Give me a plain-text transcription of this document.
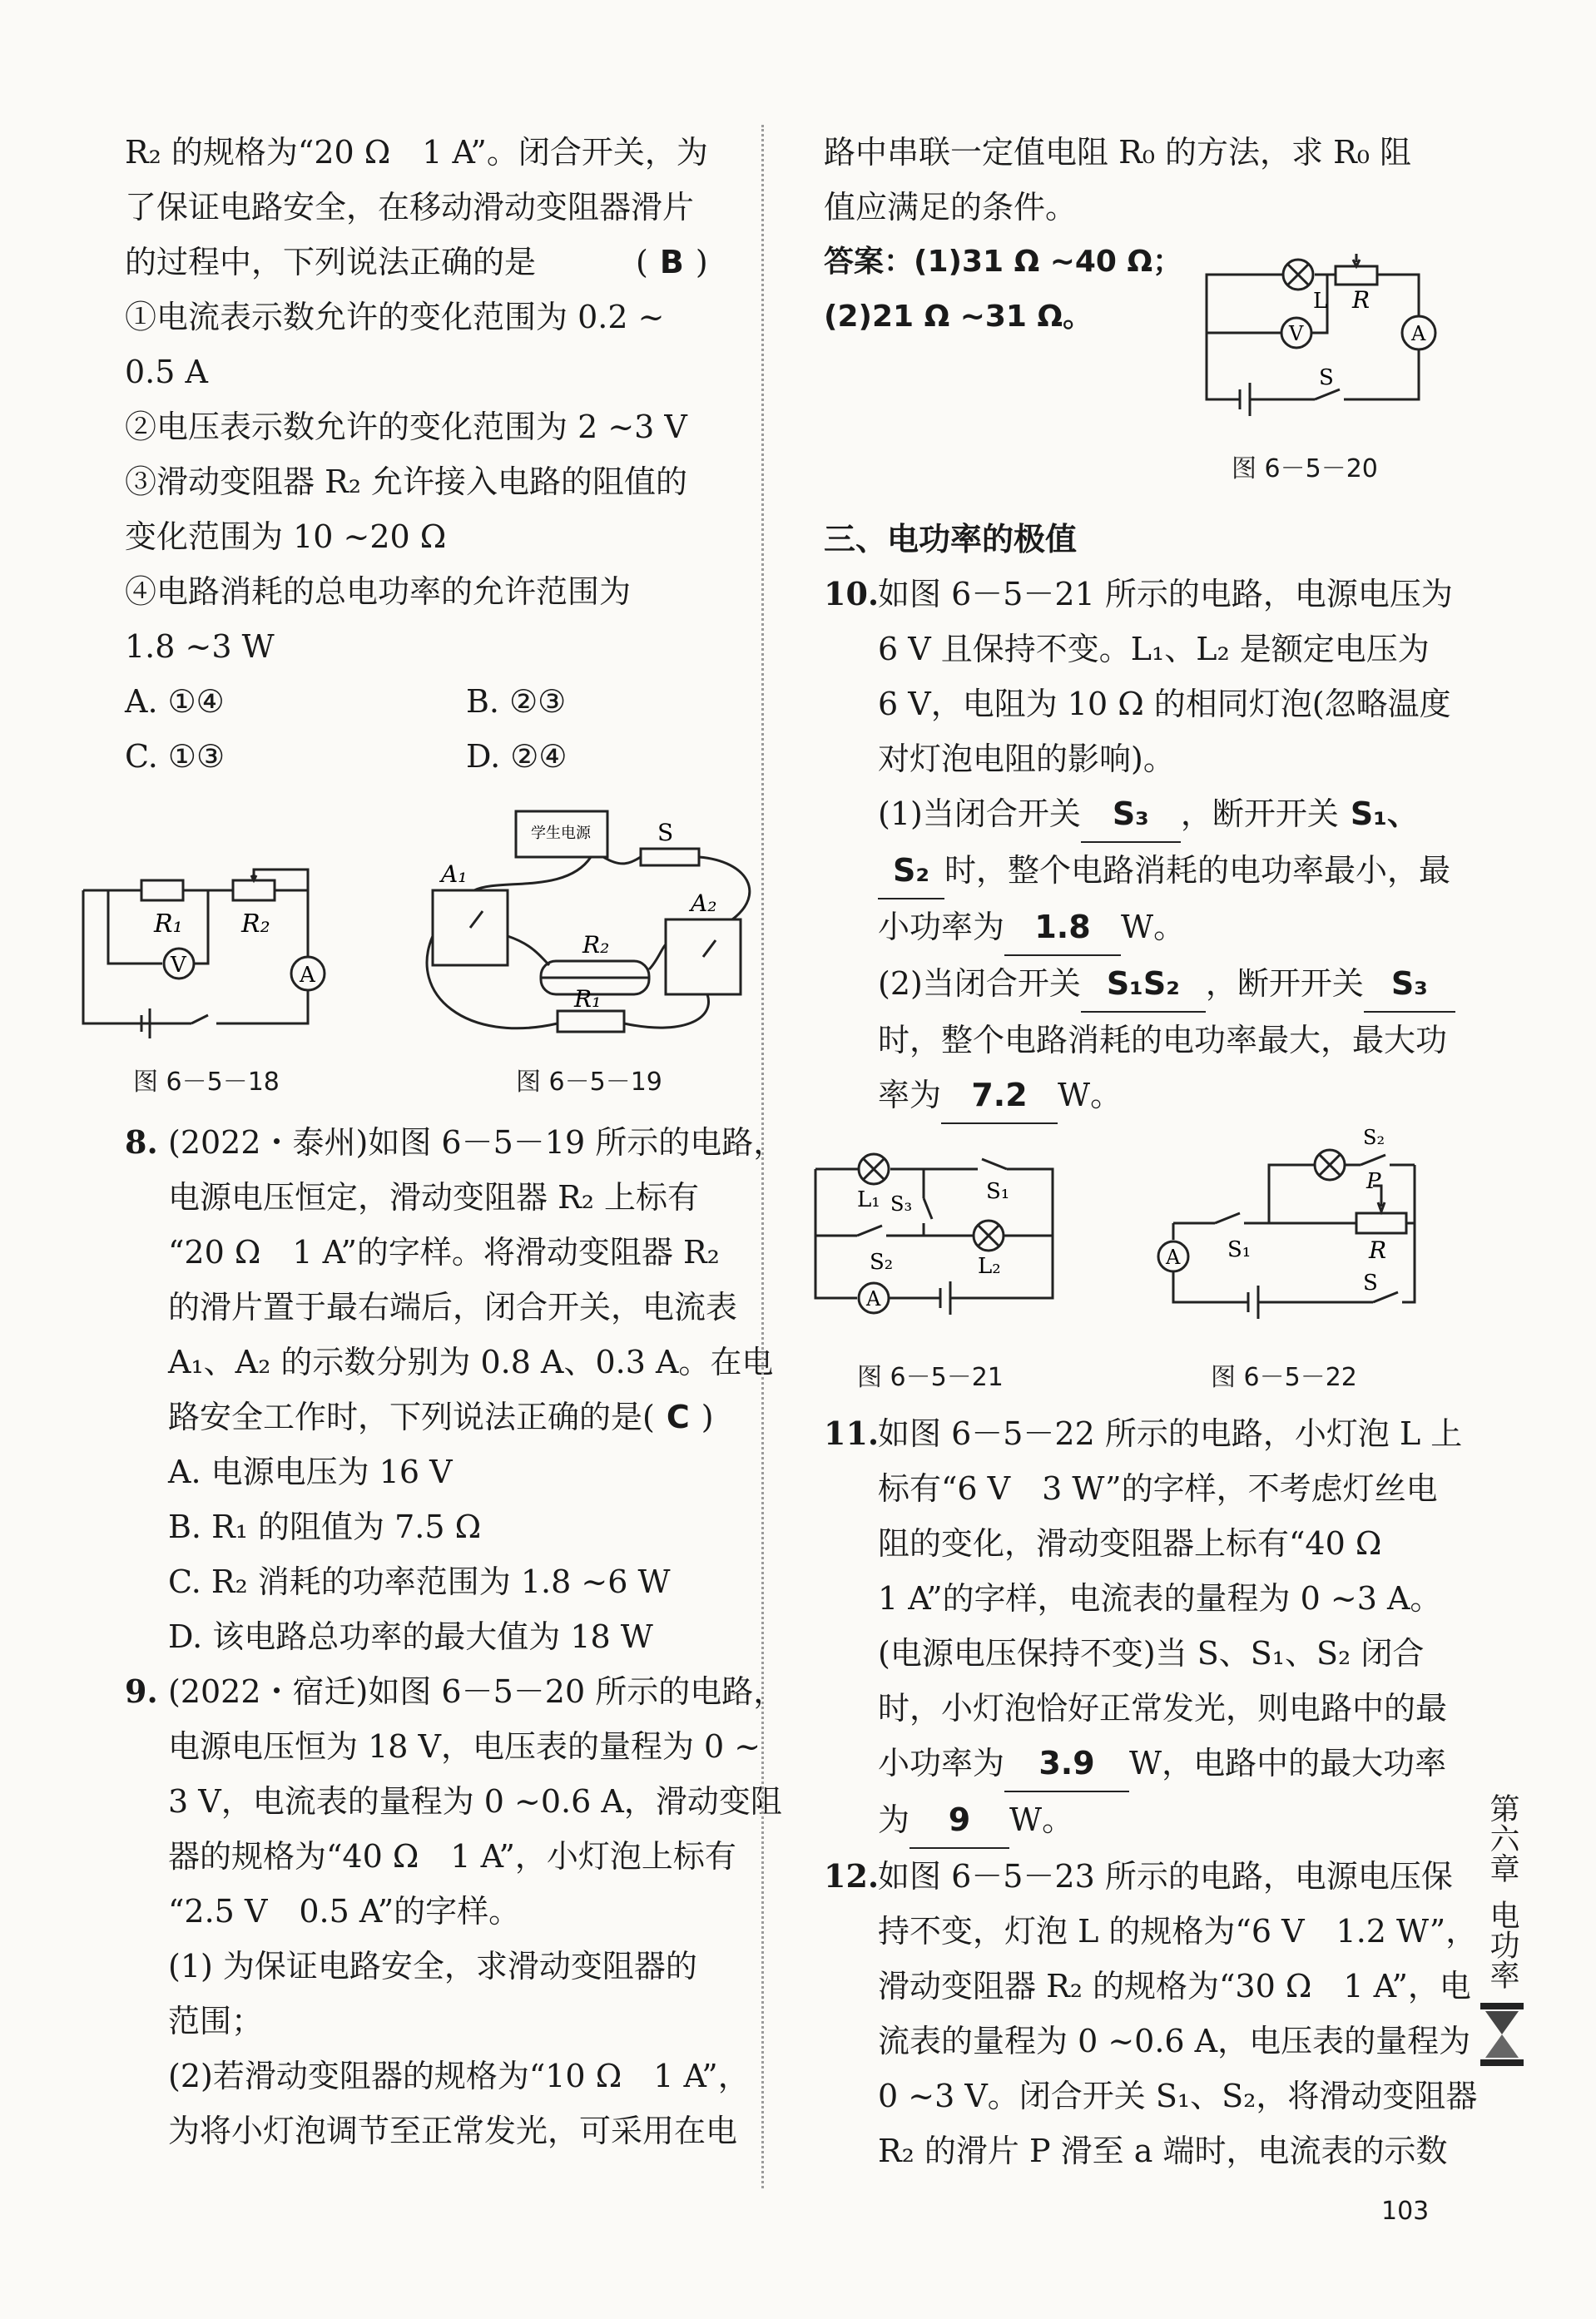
R₂ 的规格为“20 Ω　1 A”。闭合开关，为

了保证电路安全，在移动滑动变阻器滑片

的过程中，下列说法正确的是	( B )

①电流表示数允许的变化范围为 0.2 ~

0.5 A

②电压表示数允许的变化范围为 2 ~3 V

③滑动变阻器 R₂ 允许接入电路的阻值的

变化范围为 10 ~20 Ω

④电路消耗的总电功率的允许范围为

1.8 ~3 W

A. ①④	B. ②③

C. ①③	D. ②④

R₁ R₂
V	A
图 6－5－18
学生电源
A₁
A₂
R₂
R₁
S
图 6－5－19

8. (2022・泰州)如图 6－5－19 所示的电路，

电源电压恒定，滑动变阻器 R₂ 上标有

“20 Ω　1 A”的字样。将滑动变阻器 R₂

的滑片置于最右端后，闭合开关，电流表

A₁、A₂ 的示数分别为 0.8 A、0.3 A。在电

路安全工作时，下列说法正确的是( C )

A. 电源电压为 16 V

B. R₁ 的阻值为 7.5 Ω

C. R₂ 消耗的功率范围为 1.8 ~6 W

D. 该电路总功率的最大值为 18 W

9. (2022・宿迁)如图 6－5－20 所示的电路，

电源电压恒为 18 V，电压表的量程为 0 ~

3 V，电流表的量程为 0 ~0.6 A，滑动变阻

器的规格为“40 Ω　1 A”，小灯泡上标有

“2.5 V　0.5 A”的字样。

(1) 为保证电路安全，求滑动变阻器的

范围；

(2)若滑动变阻器的规格为“10 Ω　1 A”，

为将小灯泡调节至正常发光，可采用在电

路中串联一定值电阻 R₀ 的方法，求 R₀ 阻

值应满足的条件。

答案：(1)31 Ω ~40 Ω；

(2)21 Ω ~31 Ω。	L R
V	A
S
图 6－5－20

三、电功率的极值

10.如图 6－5－21 所示的电路，电源电压为

6 V 且保持不变。L₁、L₂ 是额定电压为

6 V，电阻为 10 Ω 的相同灯泡(忽略温度

对灯泡电阻的影响)。

(1)当闭合开关 S₃ ，断开开关 S₁、

S₂ 时，整个电路消耗的电功率最小，最

小功率为 1.8 W。

(2)当闭合开关 S₁S₂ ，断开开关 S₃

时，整个电路消耗的电功率最大，最大功

率为 7.2 W。

L₁ S₃	S₁
S₂	L₂
A
图 6－5－21
A S₁
S₂
P
R
S
图 6－5－22

11.如图 6－5－22 所示的电路，小灯泡 L 上

标有“6 V　3 W”的字样，不考虑灯丝电

阻的变化，滑动变阻器上标有“40 Ω

1 A”的字样，电流表的量程为 0 ~3 A。

(电源电压保持不变)当 S、S₁、S₂ 闭合

时，小灯泡恰好正常发光，则电路中的最

小功率为 3.9 W，电路中的最大功率

为 9 W。

12.如图 6－5－23 所示的电路，电源电压保

持不变，灯泡 L 的规格为“6 V　1.2 W”，

滑动变阻器 R₂ 的规格为“30 Ω　1 A”，电

流表的量程为 0 ~0.6 A，电压表的量程为

0 ~3 V。闭合开关 S₁、S₂，将滑动变阻器

R₂ 的滑片 P 滑至 a 端时，电流表的示数

第六章
电功率
103
